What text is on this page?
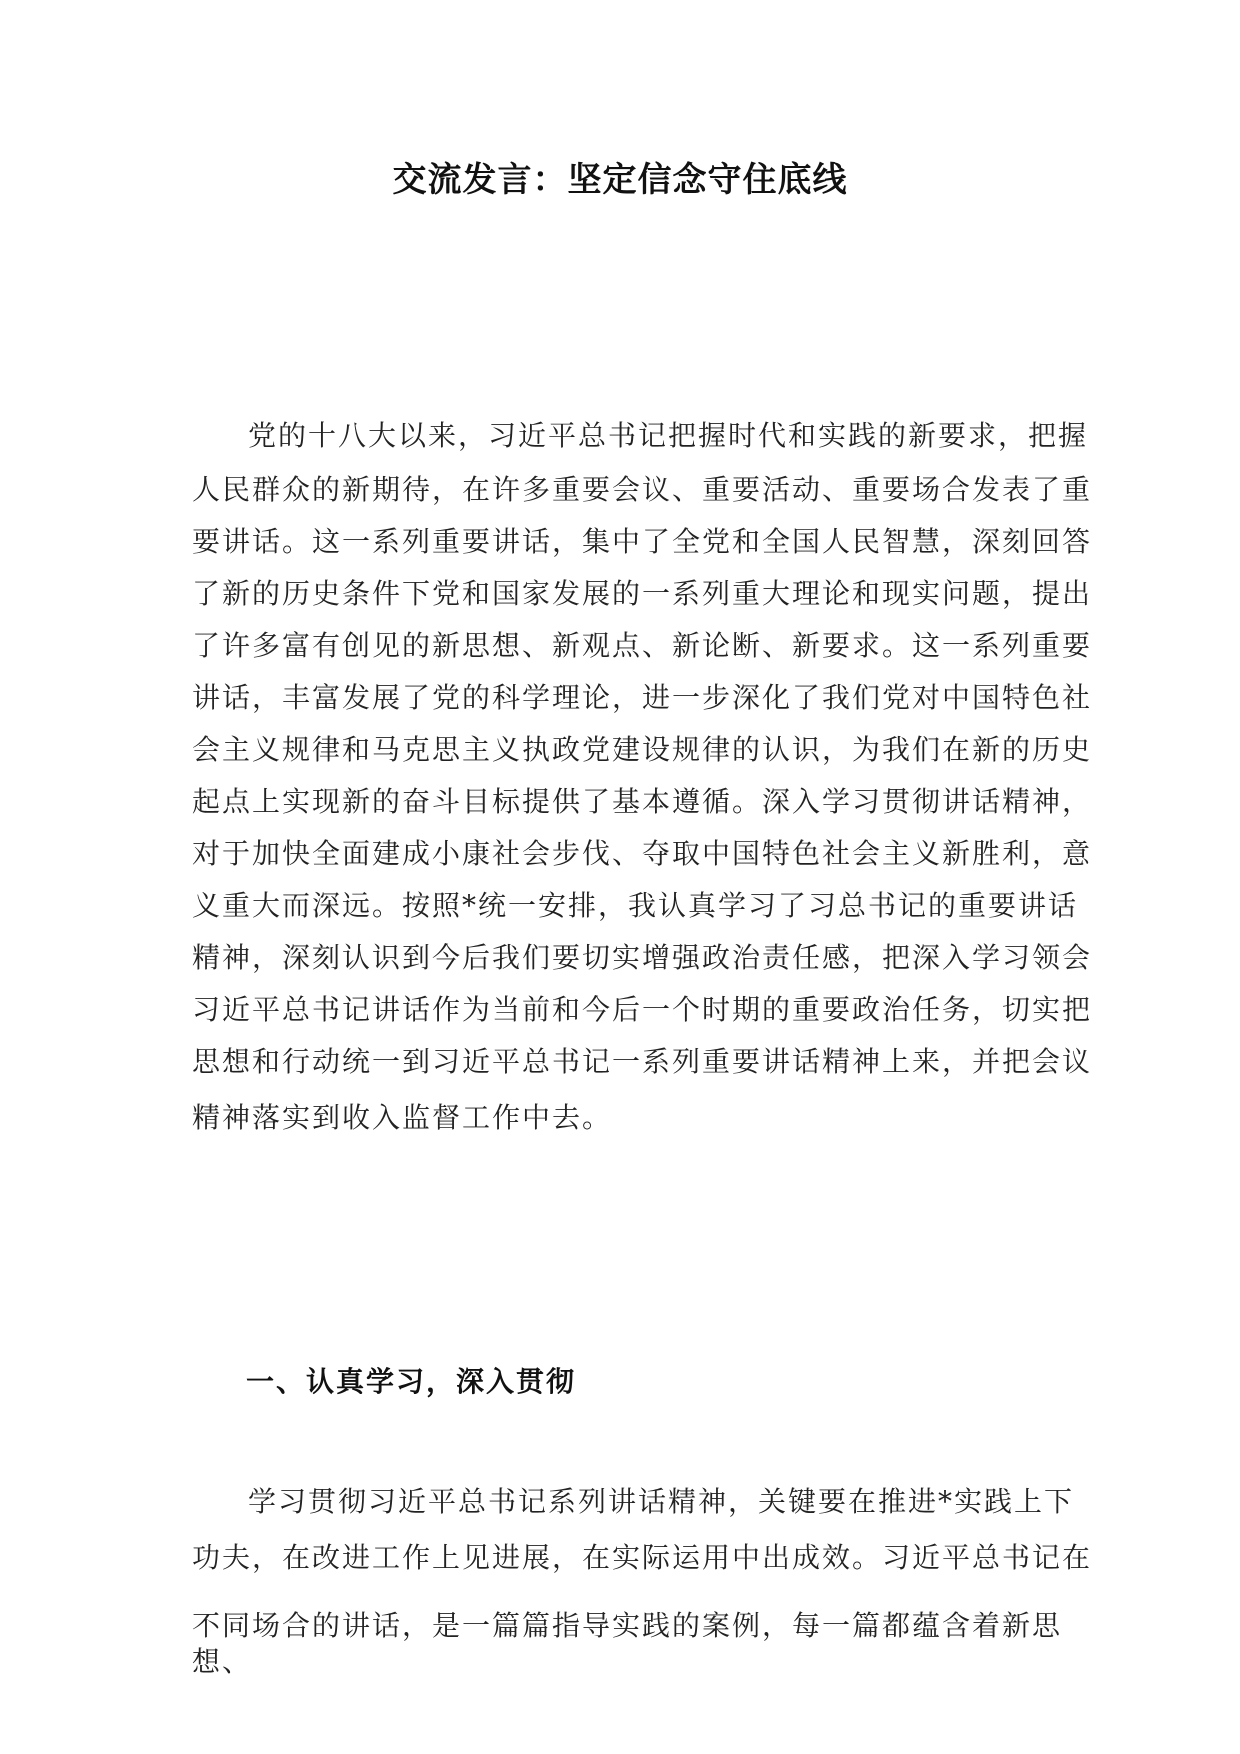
交流发言：坚定信念守住底线
党的十八大以来，习近平总书记把握时代和实践的新要求，把握
人民群众的新期待，在许多重要会议、重要活动、重要场合发表了重
要讲话。这一系列重要讲话，集中了全党和全国人民智慧，深刻回答
了新的历史条件下党和国家发展的一系列重大理论和现实问题，提出
了许多富有创见的新思想、新观点、新论断、新要求。这一系列重要
讲话，丰富发展了党的科学理论，进一步深化了我们党对中国特色社
会主义规律和马克思主义执政党建设规律的认识，为我们在新的历史
起点上实现新的奋斗目标提供了基本遵循。深入学习贯彻讲话精神，
对于加快全面建成小康社会步伐、夺取中国特色社会主义新胜利，意
义重大而深远。按照*统一安排，我认真学习了习总书记的重要讲话
精神，深刻认识到今后我们要切实增强政治责任感，把深入学习领会
习近平总书记讲话作为当前和今后一个时期的重要政治任务，切实把
思想和行动统一到习近平总书记一系列重要讲话精神上来，并把会议
精神落实到收入监督工作中去。
一、认真学习，深入贯彻
学习贯彻习近平总书记系列讲话精神，关键要在推进*实践上下
功夫，在改进工作上见进展，在实际运用中出成效。习近平总书记在
不同场合的讲话，是一篇篇指导实践的案例，每一篇都蕴含着新思
想、
